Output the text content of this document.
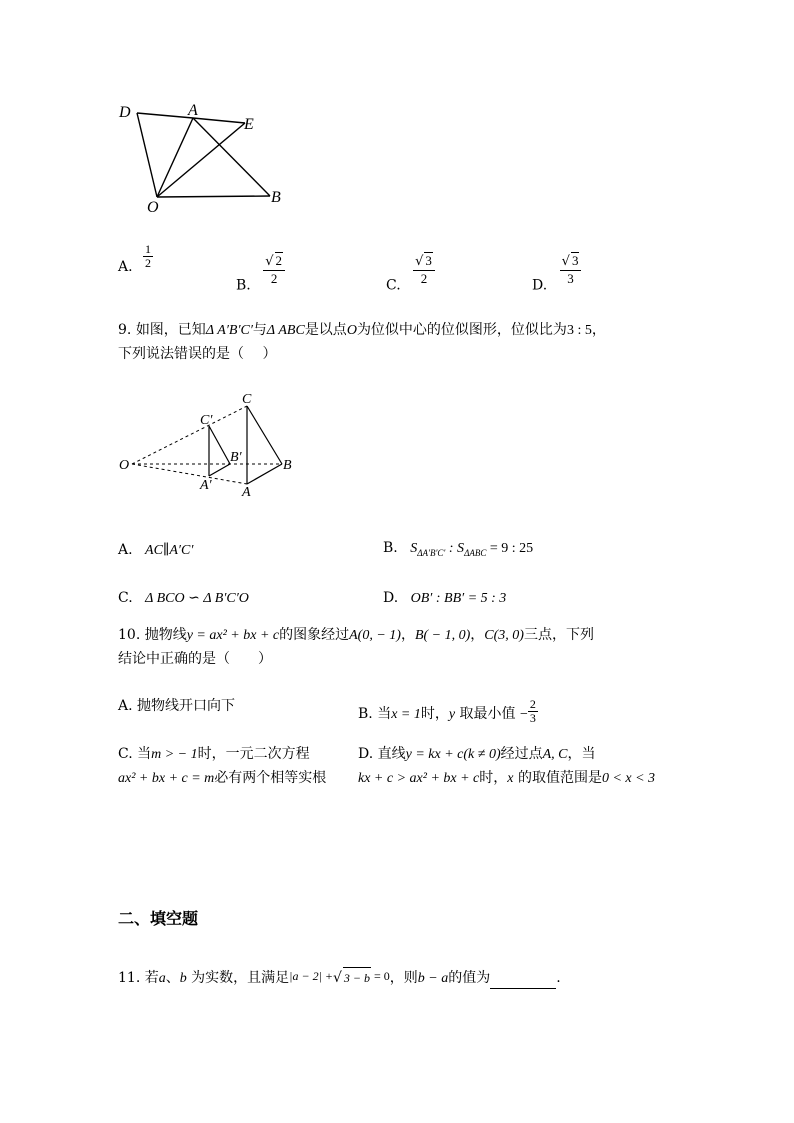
D	A
E
O
B
A. $\frac{1}{2}$
B. $\frac{√ 2}{2}$	C. $\frac{√ 3}{2}$	D. $\frac{√ 3}{3}$
9. 如图，已知Δ A′B′C′与Δ ABC是以点O为位似中心的位似图形，位似比为3 : 5，
下列说法错误的是（　 ）
C
C′
O
B′
B
A′ A
A. AC∥A′C′	B. $S_{\Delta A'B'C'}$ : $S_{\Delta ABC} = 9$ : 25
C. Δ BCO ∽ Δ B′C′O	D. OB′ : BB′ = 5 : 3
10. 抛物线y = ax² + bx + c的图象经过A(0, − 1)，B( − 1, 0)，C(3, 0)三点，下列
结论中正确的是（　　）
A. 抛物线开口向下	B. 当x = 1时，y 取最小值 − $\frac{2}{3}$
C. 当m > − 1时，一元二次方程
ax² + bx + c = m必有两个相等实根
D. 直线y = kx + c(k ≠ 0)经过点A, C，当
kx + c > ax² + bx + c时，x 的取值范围是0 < x < 3
二、填空题
11. 若a、b 为实数，且满足|a − 2| +√ 3 − b = 0，则b − a的值为	.
